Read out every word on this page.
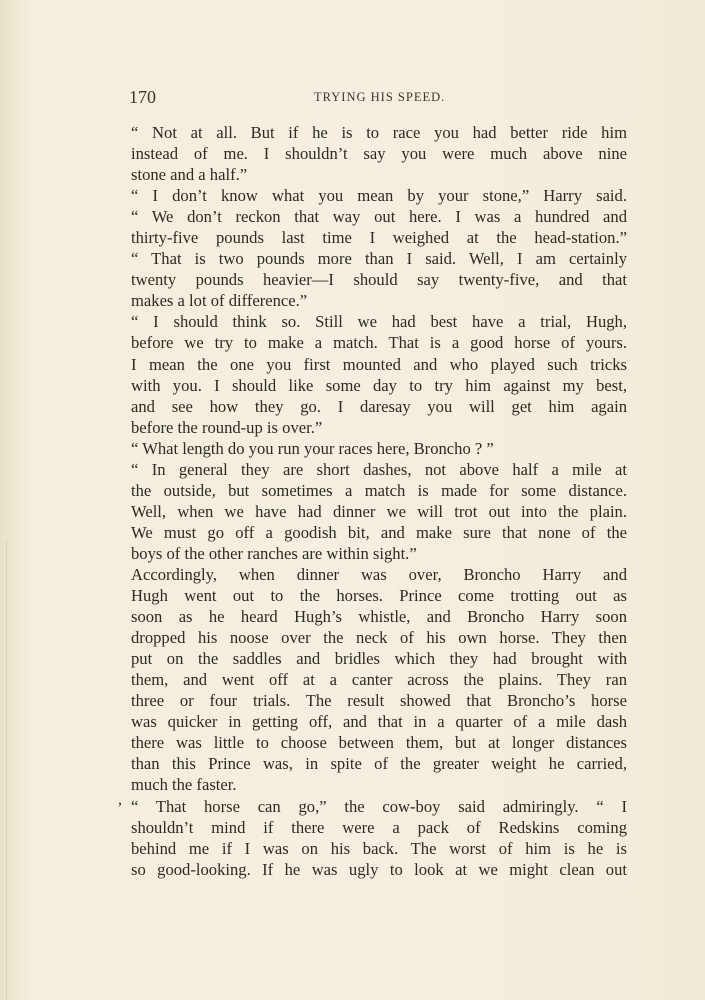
170	TRYING HIS SPEED.
,
“ Not at all. But if he is to race you had better ride him
instead of me. I shouldn’t say you were much above nine
stone and a half.”
“ I don’t know what you mean by your stone,” Harry said.
“ We don’t reckon that way out here. I was a hundred and
thirty-five pounds last time I weighed at the head-station.”
“ That is two pounds more than I said. Well, I am certainly
twenty pounds heavier—I should say twenty-five, and that
makes a lot of difference.”
“ I should think so. Still we had best have a trial, Hugh,
before we try to make a match. That is a good horse of yours.
I mean the one you first mounted and who played such tricks
with you. I should like some day to try him against my best,
and see how they go. I daresay you will get him again
before the round-up is over.”
“ What length do you run your races here, Broncho ? ”
“ In general they are short dashes, not above half a mile at
the outside, but sometimes a match is made for some distance.
Well, when we have had dinner we will trot out into the plain.
We must go off a goodish bit, and make sure that none of the
boys of the other ranches are within sight.”
Accordingly, when dinner was over, Broncho Harry and
Hugh went out to the horses. Prince come trotting out as
soon as he heard Hugh’s whistle, and Broncho Harry soon
dropped his noose over the neck of his own horse. They then
put on the saddles and bridles which they had brought with
them, and went off at a canter across the plains. They ran
three or four trials. The result showed that Broncho’s horse
was quicker in getting off, and that in a quarter of a mile dash
there was little to choose between them, but at longer distances
than this Prince was, in spite of the greater weight he carried,
much the faster.
“ That horse can go,” the cow-boy said admiringly. “ I
shouldn’t mind if there were a pack of Redskins coming
behind me if I was on his back. The worst of him is he is
so good-looking. If he was ugly to look at we might clean out
